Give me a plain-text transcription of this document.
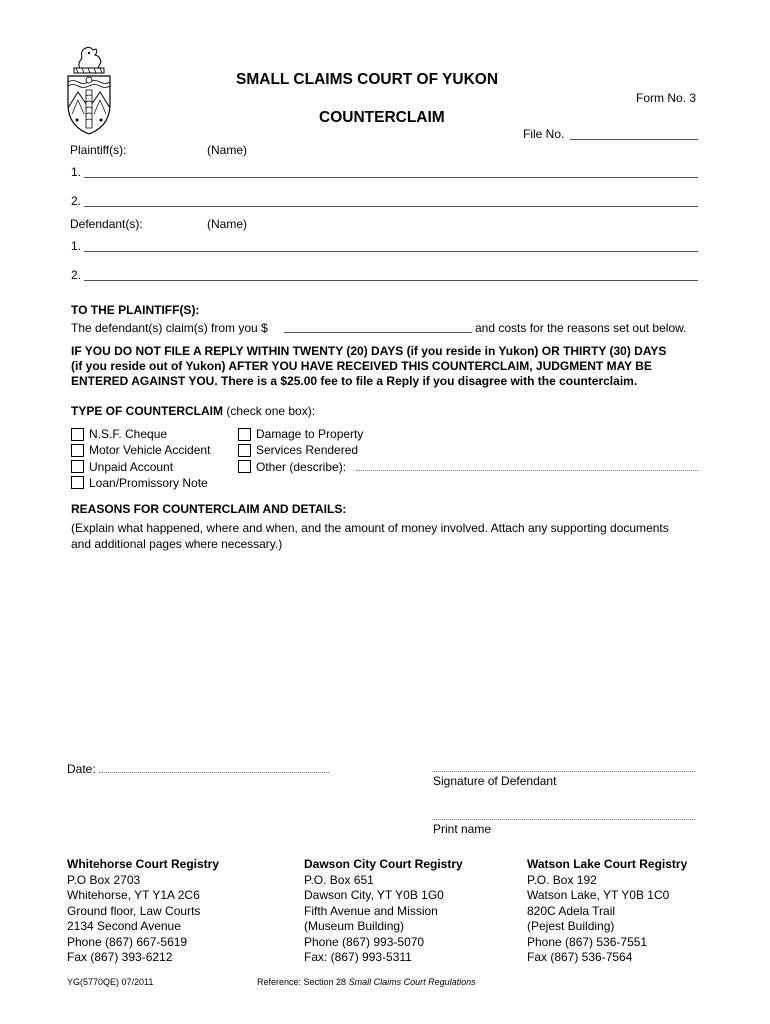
SMALL CLAIMS COURT OF YUKON
Form No. 3
COUNTERCLAIM
File No.
Plaintiff(s):	(Name)
1.
2.
Defendant(s):	(Name)
1.
2.
TO THE PLAINTIFF(S):
The defendant(s) claim(s) from you $	and costs for the reasons set out below.
IF YOU DO NOT FILE A REPLY WITHIN TWENTY (20) DAYS (if you reside in Yukon) OR THIRTY (30) DAYS
(if you reside out of Yukon) AFTER YOU HAVE RECEIVED THIS COUNTERCLAIM, JUDGMENT MAY BE
ENTERED AGAINST YOU. There is a $25.00 fee to file a Reply if you disagree with the counterclaim.
TYPE OF COUNTERCLAIM (check one box):
N.S.F. Cheque
Motor Vehicle Accident
Unpaid Account
Loan/Promissory Note
Damage to Property
Services Rendered
Other (describe):
REASONS FOR COUNTERCLAIM AND DETAILS:
(Explain what happened, where and when, and the amount of money involved. Attach any supporting documents
and additional pages where necessary.)
Date:
Signature of Defendant
Print name
Whitehorse Court Registry
P.O Box 2703
Whitehorse, YT Y1A 2C6
Ground floor, Law Courts
2134 Second Avenue
Phone (867) 667-5619
Fax (867) 393-6212
Dawson City Court Registry
P.O. Box 651
Dawson City, YT Y0B 1G0
Fifth Avenue and Mission
(Museum Building)
Phone (867) 993-5070
Fax: (867) 993-5311
Watson Lake Court Registry
P.O. Box 192
Watson Lake, YT Y0B 1C0
820C Adela Trail
(Pejest Building)
Phone (867) 536-7551
Fax (867) 536-7564
YG(5770QE) 07/2011	Reference: Section 28 Small Claims Court Regulations
